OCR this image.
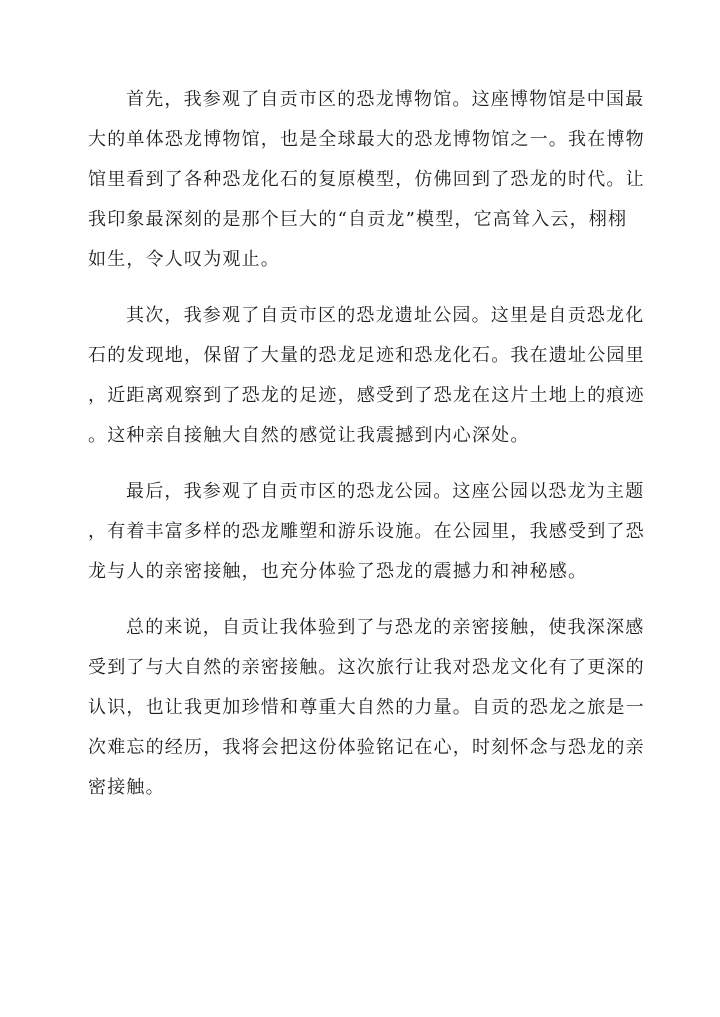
首先，我参观了自贡市区的恐龙博物馆。这座博物馆是中国最
大的单体恐龙博物馆，也是全球最大的恐龙博物馆之一。我在博物
馆里看到了各种恐龙化石的复原模型，仿佛回到了恐龙的时代。让
我印象最深刻的是那个巨大的“自贡龙”模型，它高耸入云，栩栩
如生，令人叹为观止。

其次，我参观了自贡市区的恐龙遗址公园。这里是自贡恐龙化
石的发现地，保留了大量的恐龙足迹和恐龙化石。我在遗址公园里
，近距离观察到了恐龙的足迹，感受到了恐龙在这片土地上的痕迹
。这种亲自接触大自然的感觉让我震撼到内心深处。

最后，我参观了自贡市区的恐龙公园。这座公园以恐龙为主题
，有着丰富多样的恐龙雕塑和游乐设施。在公园里，我感受到了恐
龙与人的亲密接触，也充分体验了恐龙的震撼力和神秘感。

总的来说，自贡让我体验到了与恐龙的亲密接触，使我深深感
受到了与大自然的亲密接触。这次旅行让我对恐龙文化有了更深的
认识，也让我更加珍惜和尊重大自然的力量。自贡的恐龙之旅是一
次难忘的经历，我将会把这份体验铭记在心，时刻怀念与恐龙的亲
密接触。
